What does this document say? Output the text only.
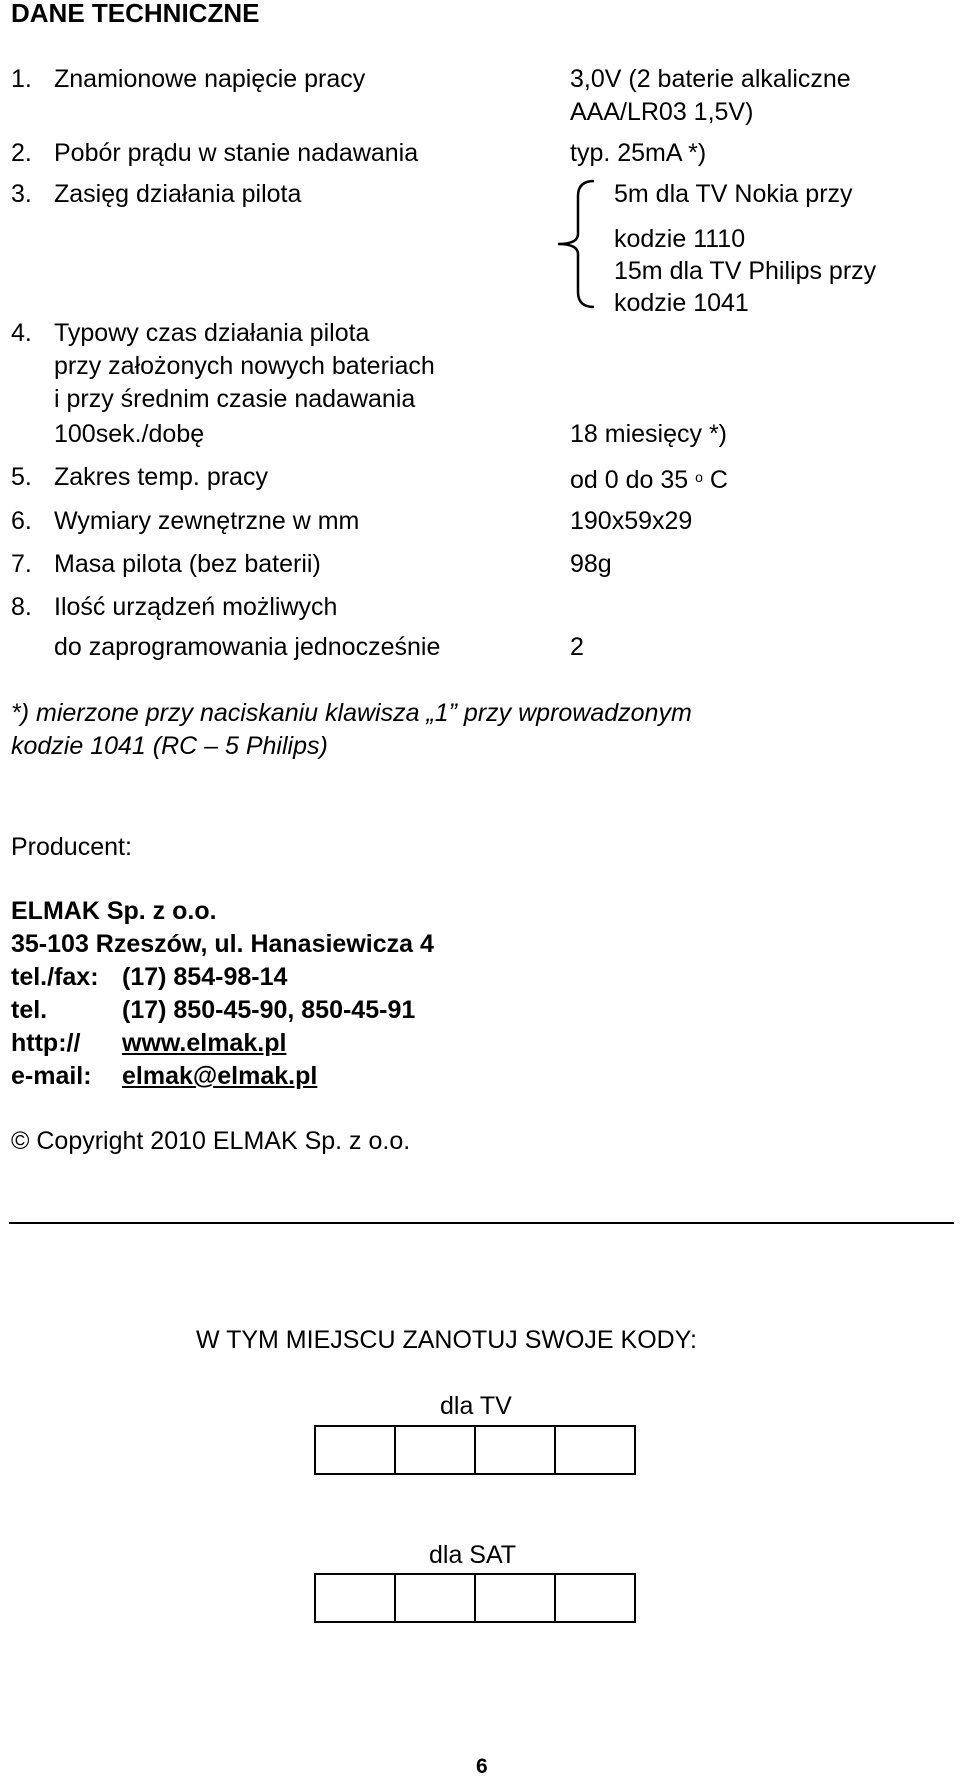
DANE TECHNICZNE
1. Znamionowe napięcie pracy	3,0V (2 baterie alkaliczne
AAA/LR03 1,5V)
2. Pobór prądu w stanie nadawania	typ. 25mA *)
3. Zasięg działania pilota	5m dla TV Nokia przy
kodzie 1110
15m dla TV Philips przy
kodzie 1041
4. Typowy czas działania pilota
przy założonych nowych bateriach
i przy średnim czasie nadawania
100sek./dobę	18 miesięcy *)
5. Zakres temp. pracy	od 0 do 35 $^o$ C
6. Wymiary zewnętrzne w mm	190x59x29
7. Masa pilota (bez baterii)	98g
8. Ilość urządzeń możliwych
do zaprogramowania jednocześnie	2
*) mierzone przy naciskaniu klawisza „1” przy wprowadzonym
kodzie 1041 (RC – 5 Philips)
Producent:
ELMAK Sp. z o.o.
35-103 Rzeszów, ul. Hanasiewicza 4
tel./fax: (17) 854-98-14
tel.	(17) 850-45-90, 850-45-91
http:// www.elmak.pl
e-mail: elmak@elmak.pl
© Copyright 2010 ELMAK Sp. z o.o.
W TYM MIEJSCU ZANOTUJ SWOJE KODY:
dla TV
dla SAT
6
